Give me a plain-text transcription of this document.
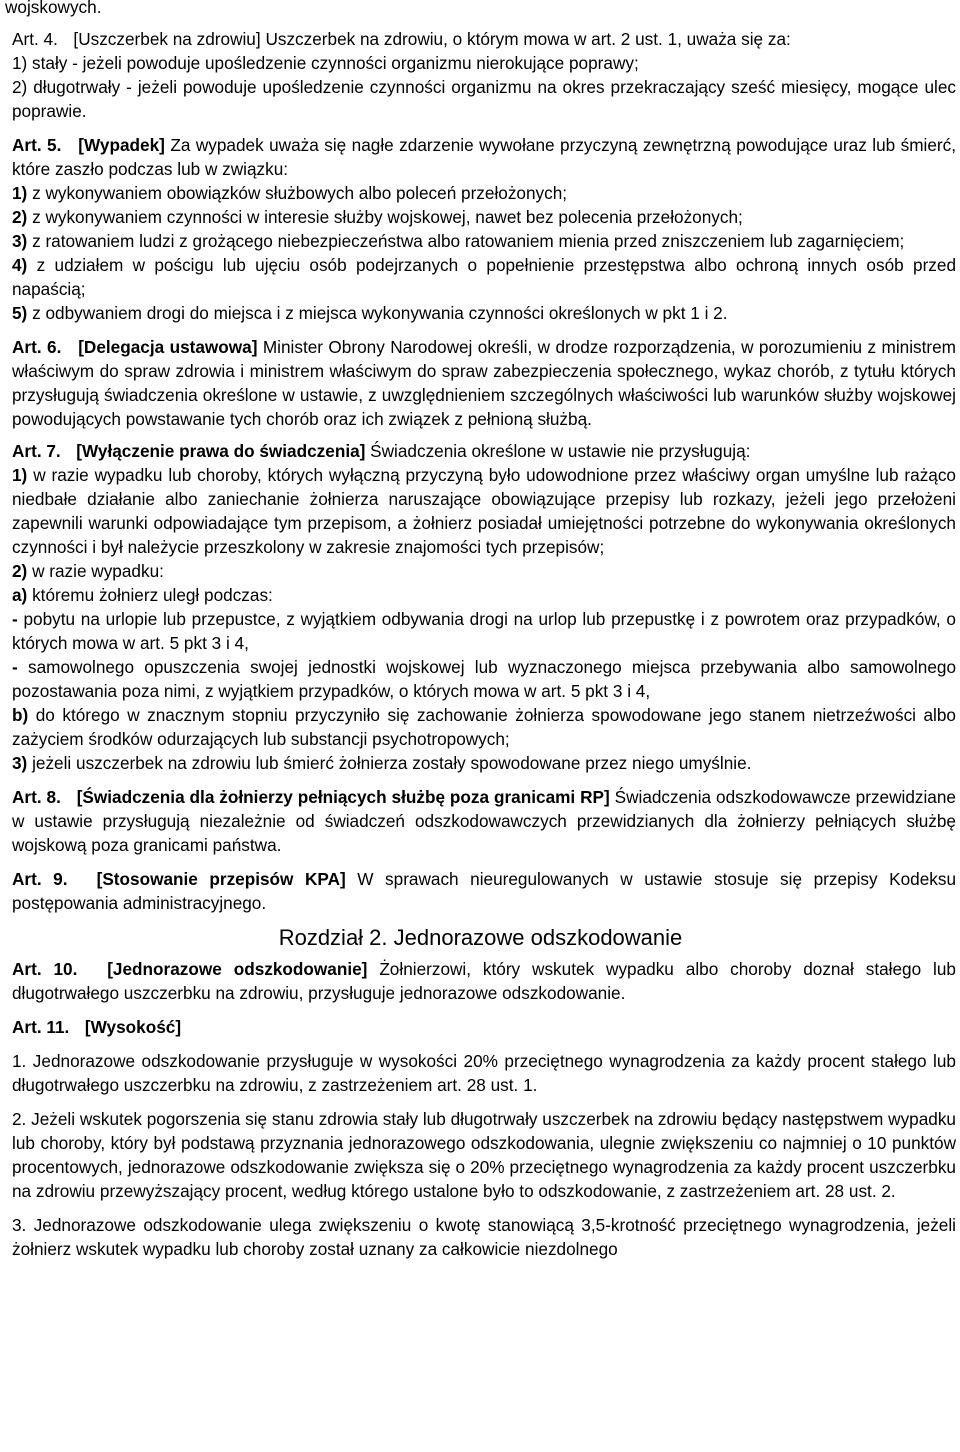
wojskowych.

Art. 4. [Uszczerbek na zdrowiu] Uszczerbek na zdrowiu, o którym mowa w art. 2 ust. 1, uważa się za:

1) stały - jeżeli powoduje upośledzenie czynności organizmu nierokujące poprawy;

2) długotrwały - jeżeli powoduje upośledzenie czynności organizmu na okres przekraczający sześć miesięcy, mogące ulec poprawie.

Art. 5. [Wypadek] Za wypadek uważa się nagłe zdarzenie wywołane przyczyną zewnętrzną powodujące uraz lub śmierć, które zaszło podczas lub w związku:

1) z wykonywaniem obowiązków służbowych albo poleceń przełożonych;

2) z wykonywaniem czynności w interesie służby wojskowej, nawet bez polecenia przełożonych;

3) z ratowaniem ludzi z grożącego niebezpieczeństwa albo ratowaniem mienia przed zniszczeniem lub zagarnięciem;

4) z udziałem w pościgu lub ujęciu osób podejrzanych o popełnienie przestępstwa albo ochroną innych osób przed napaścią;

5) z odbywaniem drogi do miejsca i z miejsca wykonywania czynności określonych w pkt 1 i 2.

Art. 6. [Delegacja ustawowa] Minister Obrony Narodowej określi, w drodze rozporządzenia, w porozumieniu z ministrem właściwym do spraw zdrowia i ministrem właściwym do spraw zabezpieczenia społecznego, wykaz chorób, z tytułu których przysługują świadczenia określone w ustawie, z uwzględnieniem szczególnych właściwości lub warunków służby wojskowej powodujących powstawanie tych chorób oraz ich związek z pełnioną służbą.

Art. 7. [Wyłączenie prawa do świadczenia] Świadczenia określone w ustawie nie przysługują:

1) w razie wypadku lub choroby, których wyłączną przyczyną było udowodnione przez właściwy organ umyślne lub rażąco niedbałe działanie albo zaniechanie żołnierza naruszające obowiązujące przepisy lub rozkazy, jeżeli jego przełożeni zapewnili warunki odpowiadające tym przepisom, a żołnierz posiadał umiejętności potrzebne do wykonywania określonych czynności i był należycie przeszkolony w zakresie znajomości tych przepisów;

2) w razie wypadku:

a) któremu żołnierz uległ podczas:

- pobytu na urlopie lub przepustce, z wyjątkiem odbywania drogi na urlop lub przepustkę i z powrotem oraz przypadków, o których mowa w art. 5 pkt 3 i 4,

- samowolnego opuszczenia swojej jednostki wojskowej lub wyznaczonego miejsca przebywania albo samowolnego pozostawania poza nimi, z wyjątkiem przypadków, o których mowa w art. 5 pkt 3 i 4,

b) do którego w znacznym stopniu przyczyniło się zachowanie żołnierza spowodowane jego stanem nietrzeźwości albo zażyciem środków odurzających lub substancji psychotropowych;

3) jeżeli uszczerbek na zdrowiu lub śmierć żołnierza zostały spowodowane przez niego umyślnie.

Art. 8. [Świadczenia dla żołnierzy pełniących służbę poza granicami RP] Świadczenia odszkodowawcze przewidziane w ustawie przysługują niezależnie od świadczeń odszkodowawczych przewidzianych dla żołnierzy pełniących służbę wojskową poza granicami państwa.

Art. 9. [Stosowanie przepisów KPA] W sprawach nieuregulowanych w ustawie stosuje się przepisy Kodeksu postępowania administracyjnego.

Rozdział 2. Jednorazowe odszkodowanie

Art. 10. [Jednorazowe odszkodowanie] Żołnierzowi, który wskutek wypadku albo choroby doznał stałego lub długotrwałego uszczerbku na zdrowiu, przysługuje jednorazowe odszkodowanie.

Art. 11. [Wysokość]

1. Jednorazowe odszkodowanie przysługuje w wysokości 20% przeciętnego wynagrodzenia za każdy procent stałego lub długotrwałego uszczerbku na zdrowiu, z zastrzeżeniem art. 28 ust. 1.

2. Jeżeli wskutek pogorszenia się stanu zdrowia stały lub długotrwały uszczerbek na zdrowiu będący następstwem wypadku lub choroby, który był podstawą przyznania jednorazowego odszkodowania, ulegnie zwiększeniu co najmniej o 10 punktów procentowych, jednorazowe odszkodowanie zwiększa się o 20% przeciętnego wynagrodzenia za każdy procent uszczerbku na zdrowiu przewyższający procent, według którego ustalone było to odszkodowanie, z zastrzeżeniem art. 28 ust. 2.

3. Jednorazowe odszkodowanie ulega zwiększeniu o kwotę stanowiącą 3,5-krotność przeciętnego wynagrodzenia, jeżeli żołnierz wskutek wypadku lub choroby został uznany za całkowicie niezdolnego
